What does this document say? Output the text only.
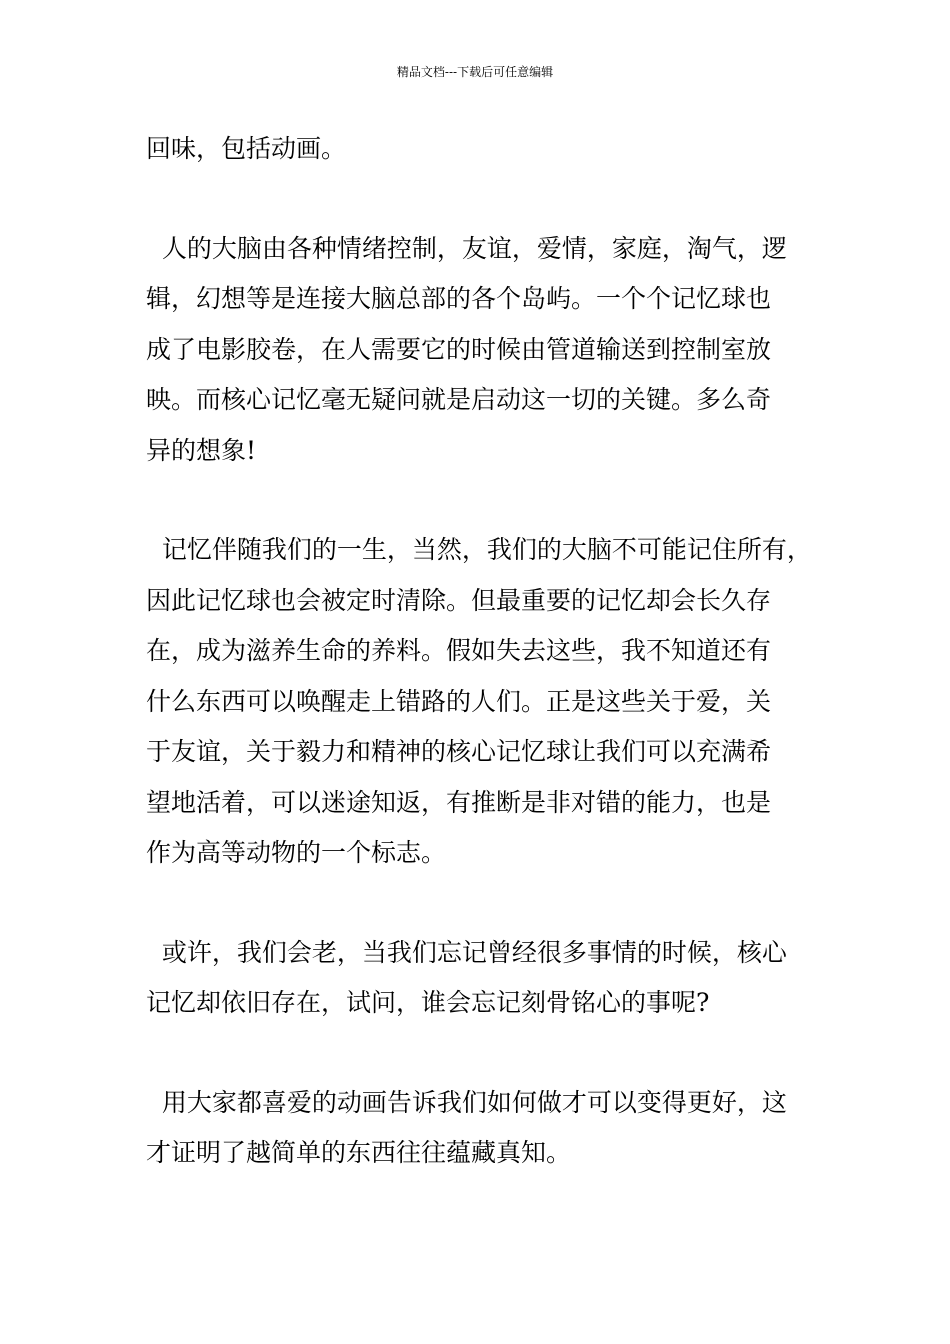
精品文档---下载后可任意编辑

回味，包括动画。

人的大脑由各种情绪控制，友谊，爱情，家庭，淘气，逻
辑，幻想等是连接大脑总部的各个岛屿。一个个记忆球也
成了电影胶卷，在人需要它的时候由管道输送到控制室放
映。而核心记忆毫无疑问就是启动这一切的关键。多么奇
异的想象!

记忆伴随我们的一生，当然，我们的大脑不可能记住所有，
因此记忆球也会被定时清除。但最重要的记忆却会长久存
在，成为滋养生命的养料。假如失去这些，我不知道还有
什么东西可以唤醒走上错路的人们。正是这些关于爱，关
于友谊，关于毅力和精神的核心记忆球让我们可以充满希
望地活着，可以迷途知返，有推断是非对错的能力，也是
作为高等动物的一个标志。

或许，我们会老，当我们忘记曾经很多事情的时候，核心
记忆却依旧存在，试问，谁会忘记刻骨铭心的事呢?

用大家都喜爱的动画告诉我们如何做才可以变得更好，这
才证明了越简单的东西往往蕴藏真知。
